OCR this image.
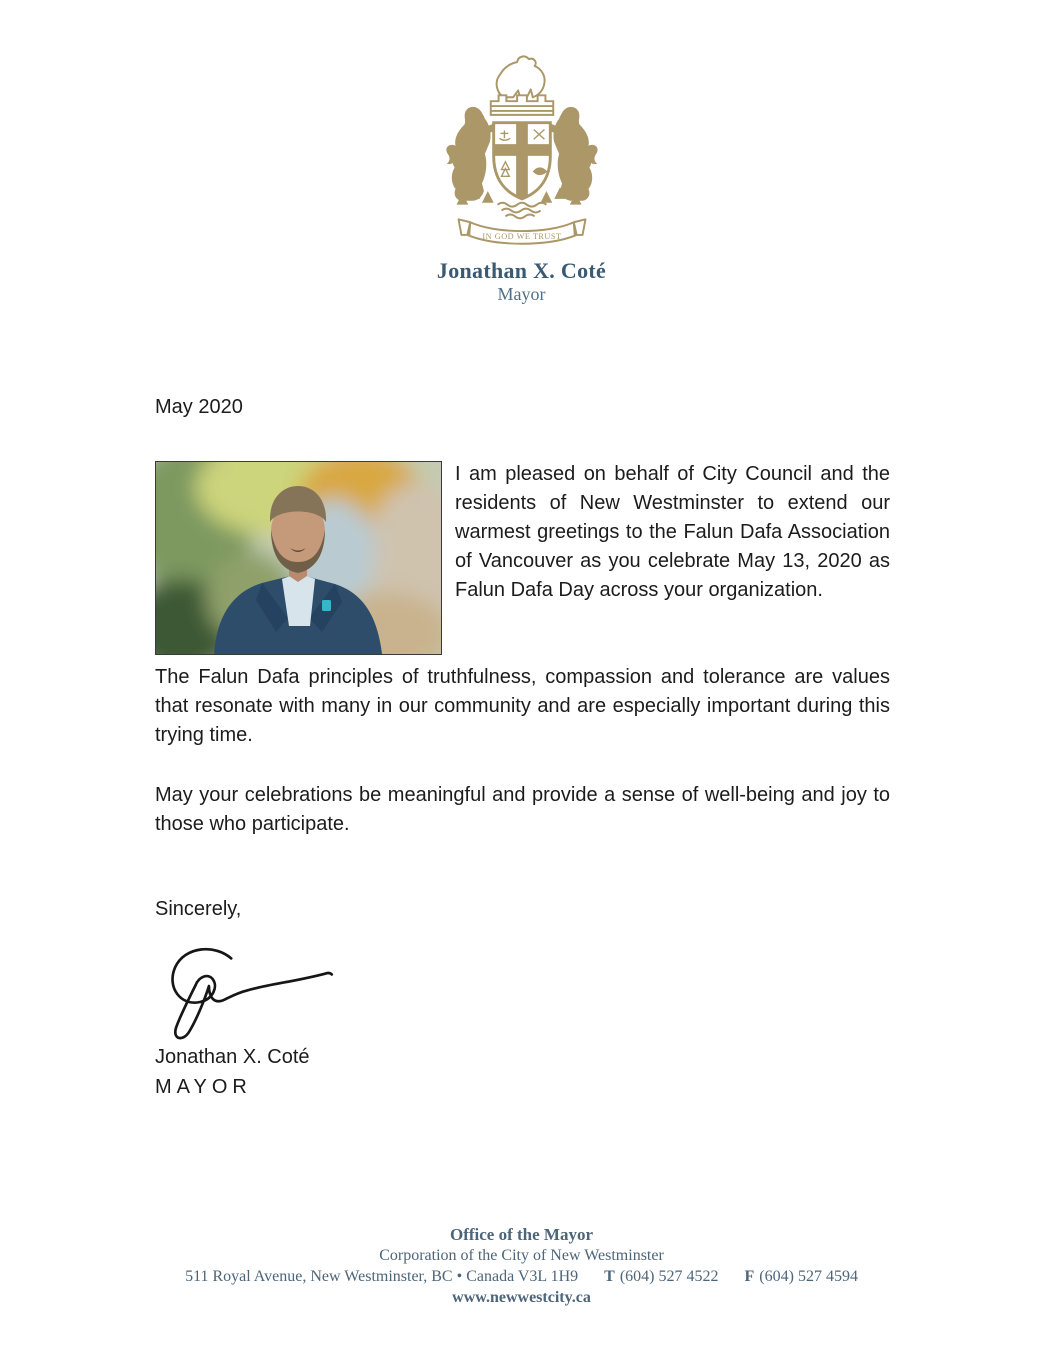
IN GOD WE TRUST
Jonathan X. Coté
Mayor
May 2020
I am pleased on behalf of City Council and the residents of New Westminster to extend our warmest greetings to the Falun Dafa Association of Vancouver as you celebrate May 13, 2020 as Falun Dafa Day across your organization.
The Falun Dafa principles of truthfulness, compassion and tolerance are values that resonate with many in our community and are especially important during this trying time.
May your celebrations be meaningful and provide a sense of well-being and joy to those who participate.
Sincerely,
Jonathan X. Coté
MAYOR
Office of the Mayor
Corporation of the City of New Westminster
511 Royal Avenue, New Westminster, BC • Canada V3L 1H9 T (604) 527 4522 F (604) 527 4594
www.newwestcity.ca
